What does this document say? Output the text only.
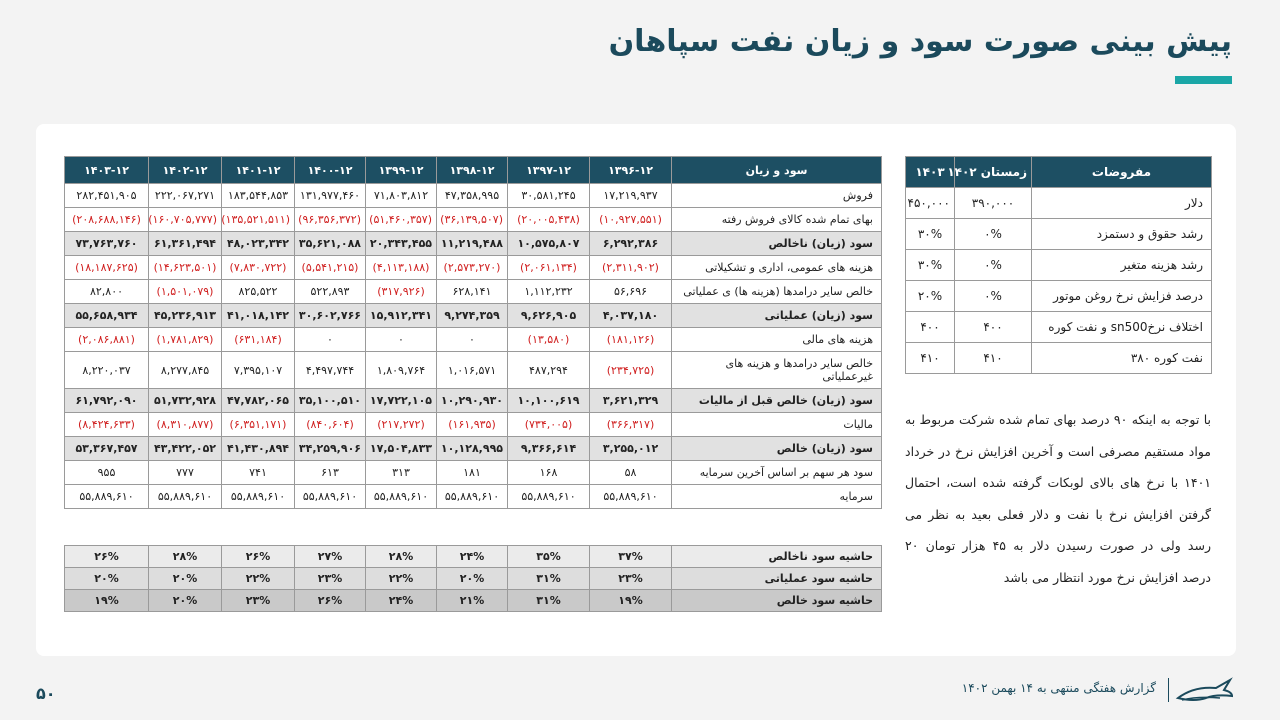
پیش بینی صورت سود و زیان نفت سپاهان
سود و زیان	۱۳۹۶-۱۲	۱۳۹۷-۱۲	۱۳۹۸-۱۲	۱۳۹۹-۱۲	۱۴۰۰-۱۲	۱۴۰۱-۱۲	۱۴۰۲-۱۲	۱۴۰۳-۱۲
فروش	۱۷,۲۱۹,۹۳۷	۳۰,۵۸۱,۲۴۵	۴۷,۳۵۸,۹۹۵	۷۱,۸۰۳,۸۱۲	۱۳۱,۹۷۷,۴۶۰	۱۸۳,۵۴۴,۸۵۳	۲۲۲,۰۶۷,۲۷۱	۲۸۲,۴۵۱,۹۰۵
بهای تمام شده کالای فروش رفته	(۱۰,۹۲۷,۵۵۱)	(۲۰,۰۰۵,۴۳۸)	(۳۶,۱۳۹,۵۰۷)	(۵۱,۴۶۰,۳۵۷)	(۹۶,۳۵۶,۳۷۲)	(۱۳۵,۵۲۱,۵۱۱)	(۱۶۰,۷۰۵,۷۷۷)	(۲۰۸,۶۸۸,۱۴۶)
سود (زیان) ناخالص	۶,۲۹۲,۳۸۶	۱۰,۵۷۵,۸۰۷	۱۱,۲۱۹,۴۸۸	۲۰,۳۴۳,۴۵۵	۳۵,۶۲۱,۰۸۸	۴۸,۰۲۳,۳۴۲	۶۱,۳۶۱,۴۹۴	۷۳,۷۶۳,۷۶۰
هزینه های عمومی، اداری و تشکیلاتی	(۲,۳۱۱,۹۰۲)	(۲,۰۶۱,۱۳۴)	(۲,۵۷۳,۲۷۰)	(۴,۱۱۳,۱۸۸)	(۵,۵۴۱,۲۱۵)	(۷,۸۳۰,۷۲۲)	(۱۴,۶۲۳,۵۰۱)	(۱۸,۱۸۷,۶۲۵)
خالص سایر درامدها (هزینه ها) ی عملیاتی	۵۶,۶۹۶	۱,۱۱۲,۲۳۲	۶۲۸,۱۴۱	(۳۱۷,۹۲۶)	۵۲۲,۸۹۳	۸۲۵,۵۲۲	(۱,۵۰۱,۰۷۹)	۸۲,۸۰۰
سود (زیان) عملیاتی	۴,۰۳۷,۱۸۰	۹,۶۲۶,۹۰۵	۹,۲۷۴,۳۵۹	۱۵,۹۱۲,۳۴۱	۳۰,۶۰۲,۷۶۶	۴۱,۰۱۸,۱۴۲	۴۵,۲۳۶,۹۱۳	۵۵,۶۵۸,۹۳۴
هزینه های مالی	(۱۸۱,۱۲۶)	(۱۳,۵۸۰)	۰	۰	۰	(۶۳۱,۱۸۴)	(۱,۷۸۱,۸۲۹)	(۲,۰۸۶,۸۸۱)
خالص سایر درامدها و هزینه های غیرعملیاتی	(۲۳۴,۷۲۵)	۴۸۷,۲۹۴	۱,۰۱۶,۵۷۱	۱,۸۰۹,۷۶۴	۴,۴۹۷,۷۴۴	۷,۳۹۵,۱۰۷	۸,۲۷۷,۸۴۵	۸,۲۲۰,۰۳۷
سود (زیان) خالص قبل از مالیات	۳,۶۲۱,۳۲۹	۱۰,۱۰۰,۶۱۹	۱۰,۲۹۰,۹۳۰	۱۷,۷۲۲,۱۰۵	۳۵,۱۰۰,۵۱۰	۴۷,۷۸۲,۰۶۵	۵۱,۷۳۲,۹۲۸	۶۱,۷۹۲,۰۹۰
مالیات	(۳۶۶,۳۱۷)	(۷۳۴,۰۰۵)	(۱۶۱,۹۳۵)	(۲۱۷,۲۷۲)	(۸۴۰,۶۰۴)	(۶,۳۵۱,۱۷۱)	(۸,۳۱۰,۸۷۷)	(۸,۴۲۴,۶۳۳)
سود (زیان) خالص	۳,۲۵۵,۰۱۲	۹,۳۶۶,۶۱۴	۱۰,۱۲۸,۹۹۵	۱۷,۵۰۴,۸۳۳	۳۴,۲۵۹,۹۰۶	۴۱,۴۳۰,۸۹۴	۴۳,۴۲۲,۰۵۲	۵۳,۳۶۷,۴۵۷
سود هر سهم بر اساس آخرین سرمایه	۵۸	۱۶۸	۱۸۱	۳۱۳	۶۱۳	۷۴۱	۷۷۷	۹۵۵
سرمایه	۵۵,۸۸۹,۶۱۰	۵۵,۸۸۹,۶۱۰	۵۵,۸۸۹,۶۱۰	۵۵,۸۸۹,۶۱۰	۵۵,۸۸۹,۶۱۰	۵۵,۸۸۹,۶۱۰	۵۵,۸۸۹,۶۱۰	۵۵,۸۸۹,۶۱۰
حاشیه سود ناخالص	۳۷%	۳۵%	۲۴%	۲۸%	۲۷%	۲۶%	۲۸%	۲۶%
حاشیه سود عملیاتی	۲۳%	۳۱%	۲۰%	۲۲%	۲۳%	۲۲%	۲۰%	۲۰%
حاشیه سود خالص	۱۹%	۳۱%	۲۱%	۲۴%	۲۶%	۲۳%	۲۰%	۱۹%
مفروضات	زمستان ۱۴۰۲	۱۴۰۳
دلار	۳۹۰,۰۰۰	۴۵۰,۰۰۰
رشد حقوق و دستمزد	۰%	۳۰%
رشد هزینه متغیر	۰%	۳۰%
درصد فزایش نرخ روغن موتور	۰%	۲۰%
اختلاف نرخsn500 و نفت کوره	۴۰۰	۴۰۰
نفت کوره ۳۸۰	۴۱۰	۴۱۰
با توجه به اینکه ۹۰ درصد بهای تمام شده شرکت مربوط به مواد مستقیم مصرفی است و آخرین افزایش نرخ در خرداد ۱۴۰۱ با نرخ های بالای لوبکات گرفته شده است، احتمال گرفتن افزایش نرخ با نفت و دلار فعلی بعید به نظر می رسد ولی در صورت رسیدن دلار به ۴۵ هزار تومان ۲۰ درصد افزایش نرخ مورد انتظار می باشد
۵۰	گزارش هفتگی منتهی به ۱۴ بهمن ۱۴۰۲
